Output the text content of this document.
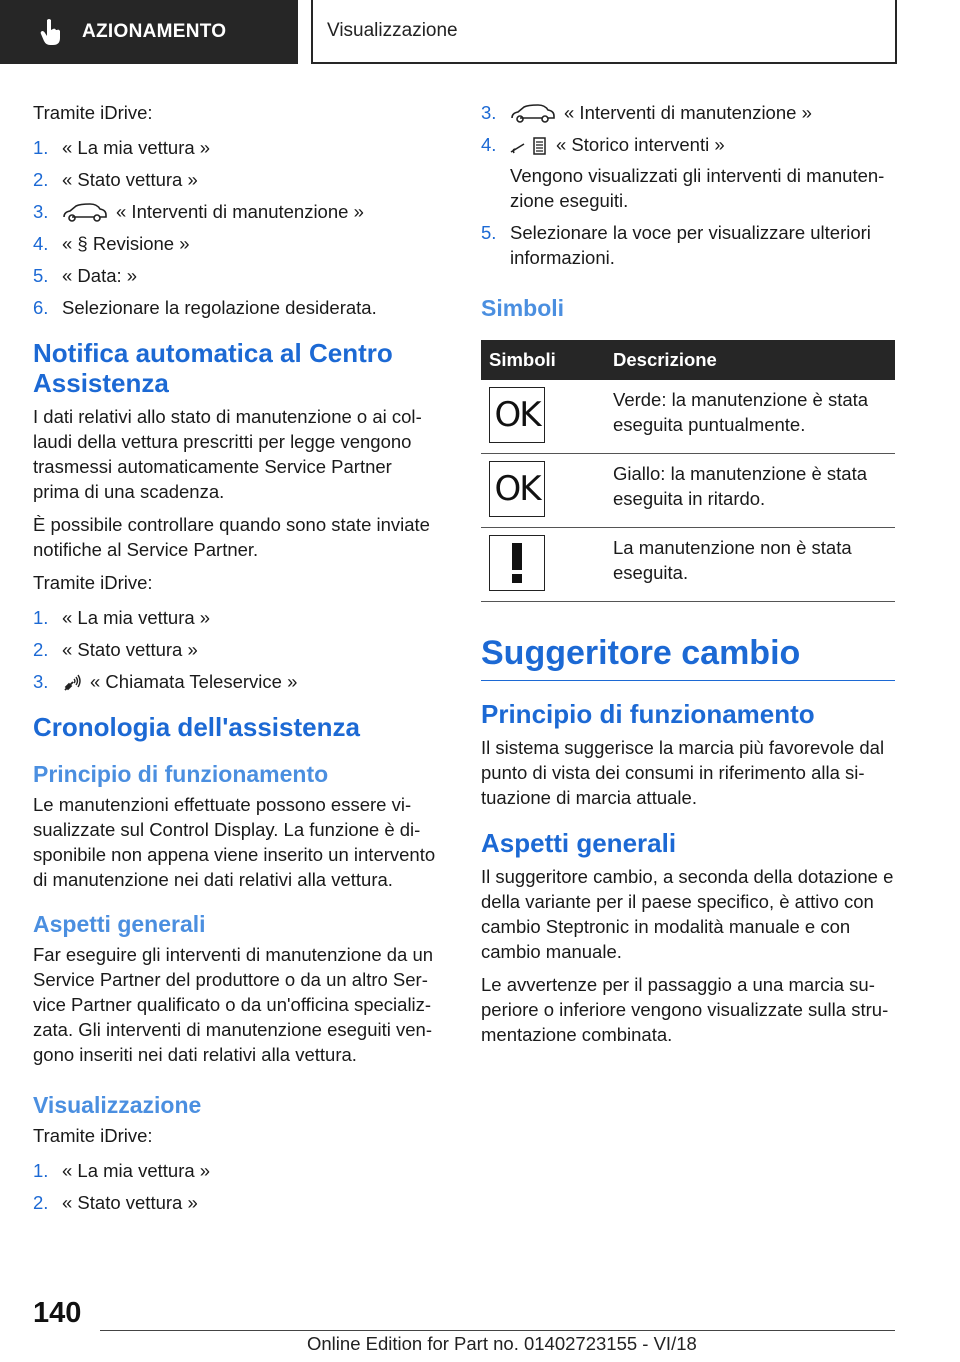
AZIONAMENTO	Visualizzazione

Tramite iDrive:

1. « La mia vettura »
2. « Stato vettura »
3.	« Interventi di manutenzione »
4. « § Revisione »
5. « Data: »
6. Selezionare la regolazione desiderata.
Notifica automatica al Centro Assistenza

I dati relativi allo stato di manutenzione o ai collaudi della vettura prescritti per legge vengono trasmessi automaticamente Service Partner prima di una scadenza.

È possibile controllare quando sono state inviate notifiche al Service Partner.

Tramite iDrive:

1. « La mia vettura »
2. « Stato vettura »
3.	« Chiamata Teleservice »
Cronologia dell'assistenza
Principio di funzionamento

Le manutenzioni effettuate possono essere visualizzate sul Control Display. La funzione è disponibile non appena viene inserito un intervento di manutenzione nei dati relativi alla vettura.

Aspetti generali

Far eseguire gli interventi di manutenzione da un Service Partner del produttore o da un altro Service Partner qualificato o da un'officina specializzata. Gli interventi di manutenzione eseguiti vengono inseriti nei dati relativi alla vettura.

Visualizzazione

Tramite iDrive:

1. « La mia vettura »
2. « Stato vettura »
3.	« Interventi di manutenzione »
4.	« Storico interventi »
Vengono visualizzati gli interventi di manutenzione eseguiti.
5. Selezionare la voce per visualizzare ulteriori informazioni.
Simboli
Simboli	Descrizione

OK	Verde: la manutenzione è stata eseguita puntualmente.

OK	Giallo: la manutenzione è stata eseguita in ritardo.

	La manutenzione non è stata eseguita.
Suggeritore cambio
Principio di funzionamento

Il sistema suggerisce la marcia più favorevole dal punto di vista dei consumi in riferimento alla situazione di marcia attuale.

Aspetti generali

Il suggeritore cambio, a seconda della dotazione e della variante per il paese specifico, è attivo con cambio Steptronic in modalità manuale e con cambio manuale.

Le avvertenze per il passaggio a una marcia superiore o inferiore vengono visualizzate sulla strumentazione combinata.

140
Online Edition for Part no. 01402723155 - VI/18
